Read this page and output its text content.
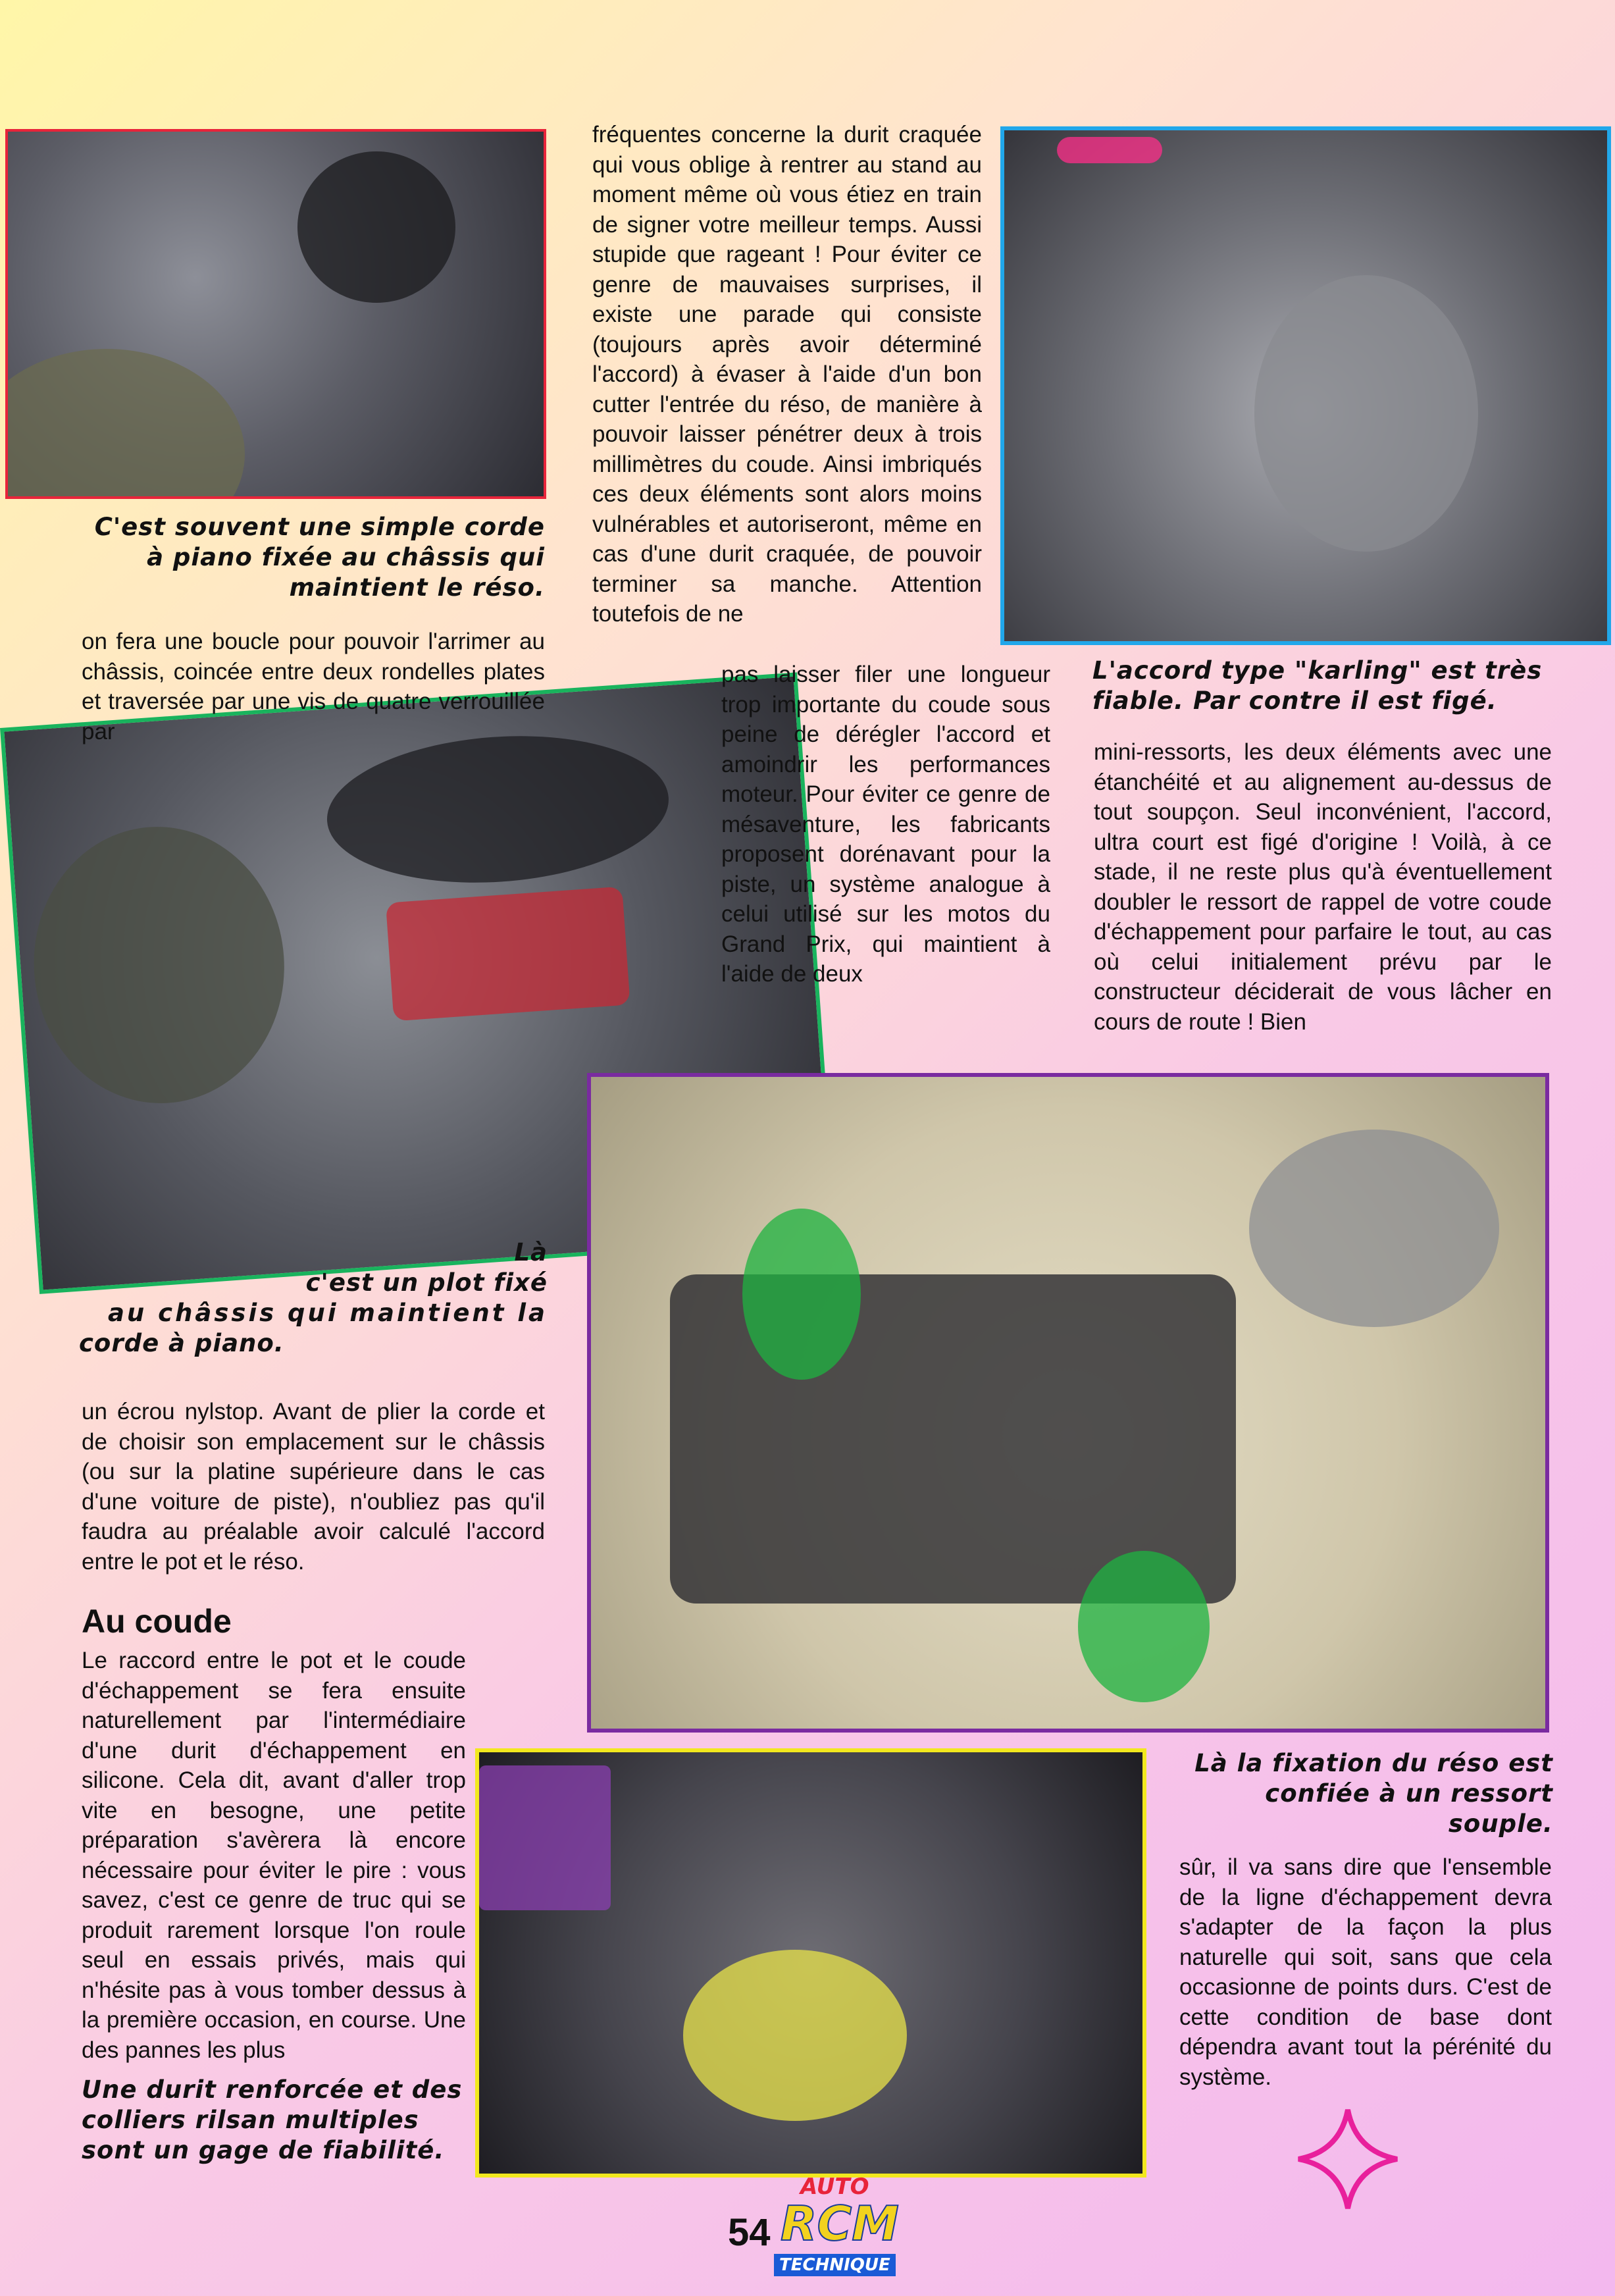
C'est souvent une simple corde à piano fixée au châssis qui maintient le réso.
Là
c'est un plot fixé
au châssis qui maintient la
corde à piano.
L'accord type "karling" est très fiable. Par contre il est figé.
Là la fixation du réso est confiée à un ressort souple.
Une durit renforcée et des colliers rilsan multiples sont un gage de fiabilité.

on fera une boucle pour pouvoir l'arrimer au châssis, coincée entre deux rondelles plates et traversée par une vis de quatre verrouillée par

un écrou nylstop. Avant de plier la corde et de choisir son emplacement sur le châssis (ou sur la platine supérieure dans le cas d'une voiture de piste), n'oubliez pas qu'il faudra au préalable avoir calculé l'accord entre le pot et le réso.

Au coude

Le raccord entre le pot et le coude d'échappement se fera ensuite naturellement par l'intermédiaire d'une durit d'échappement en silicone. Cela dit, avant d'aller trop vite en besogne, une petite préparation s'avèrera là encore nécessaire pour éviter le pire : vous savez, c'est ce genre de truc qui se produit rarement lorsque l'on roule seul en essais privés, mais qui n'hésite pas à vous tomber dessus à la première occasion, en course. Une des pannes les plus

fréquentes concerne la durit craquée qui vous oblige à rentrer au stand au moment même où vous étiez en train de signer votre meilleur temps. Aussi stupide que rageant ! Pour éviter ce genre de mauvaises surprises, il existe une parade qui consiste (toujours après avoir déterminé l'accord) à évaser à l'aide d'un bon cutter l'entrée du réso, de manière à pouvoir laisser pénétrer deux à trois millimètres du coude. Ainsi imbriqués ces deux éléments sont alors moins vulnérables et autoriseront, même en cas d'une durit craquée, de pouvoir terminer sa manche. Attention toutefois de ne

pas laisser filer une longueur trop importante du coude sous peine de dérégler l'accord et amoindrir les performances moteur. Pour éviter ce genre de mésaventure, les fabricants proposent dorénavant pour la piste, un système analogue à celui utilisé sur les motos du Grand Prix, qui maintient à l'aide de deux

mini-ressorts, les deux éléments avec une étanchéité et au alignement au-dessus de tout soupçon. Seul inconvénient, l'accord, ultra court est figé d'origine ! Voilà, à ce stade, il ne reste plus qu'à éventuellement doubler le ressort de rappel de votre coude d'échappement pour parfaire le tout, au cas où celui initialement prévu par le constructeur déciderait de vous lâcher en cours de route ! Bien

sûr, il va sans dire que l'ensemble de la ligne d'échappement devra s'adapter de la façon la plus naturelle qui soit, sans que cela occasionne de points durs. C'est de cette condition de base dont dépendra avant tout la pérénité du système.

54
AUTO
RCM
TECHNIQUE
